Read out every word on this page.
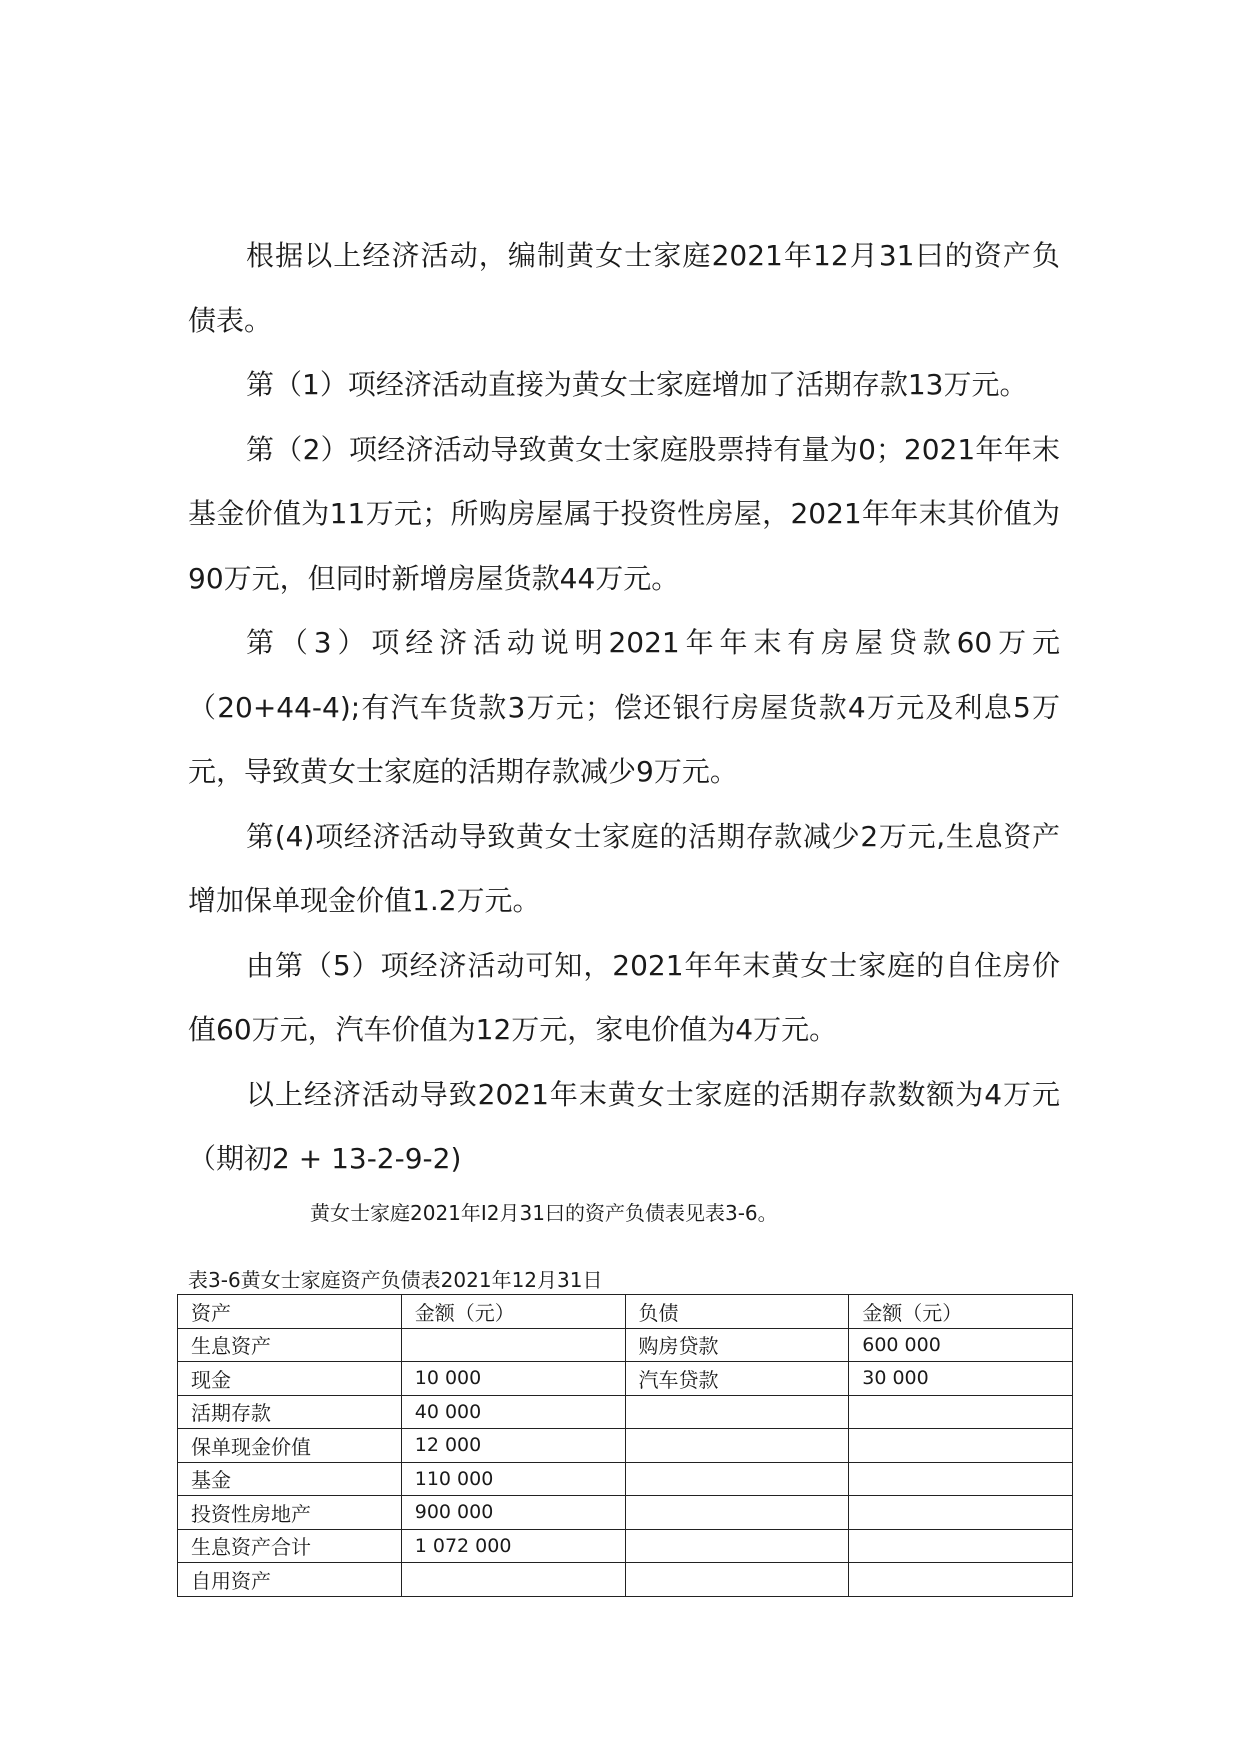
根据以上经济活动，编制黄女士家庭2021年12月31曰的资产负债表。

第（1）项经济活动直接为黄女士家庭增加了活期存款13万元。

第（2）项经济活动导致黄女士家庭股票持有量为0；2021年年末基金价值为11万元；所购房屋属于投资性房屋，2021年年末其价值为90万元，但同时新增房屋货款44万元。

第（3）项经济活动说明2021年年末有房屋贷款60万元（20+44-4);有汽车货款3万元；偿还银行房屋货款4万元及利息5万元，导致黄女士家庭的活期存款减少9万元。

第(4)项经济活动导致黄女士家庭的活期存款减少2万元,生息资产增加保单现金价值1.2万元。

由第（5）项经济活动可知，2021年年末黄女士家庭的自住房价值60万元，汽车价值为12万元，家电价值为4万元。

以上经济活动导致2021年末黄女士家庭的活期存款数额为4万元（期初2 + 13-2-9-2)

黄女士家庭2021年I2月31曰的资产负债表见表3-6。
表3-6黄女士家庭资产负债表2021年12月31日
资产	金额（元）	负债	金额（元）
生息资产		购房贷款	600 000
现金	10 000	汽车贷款	30 000
活期存款	40 000		
保单现金价值	12 000		
基金	110 000		
投资性房地产	900 000		
生息资产合计	1 072 000		
自用资产			
